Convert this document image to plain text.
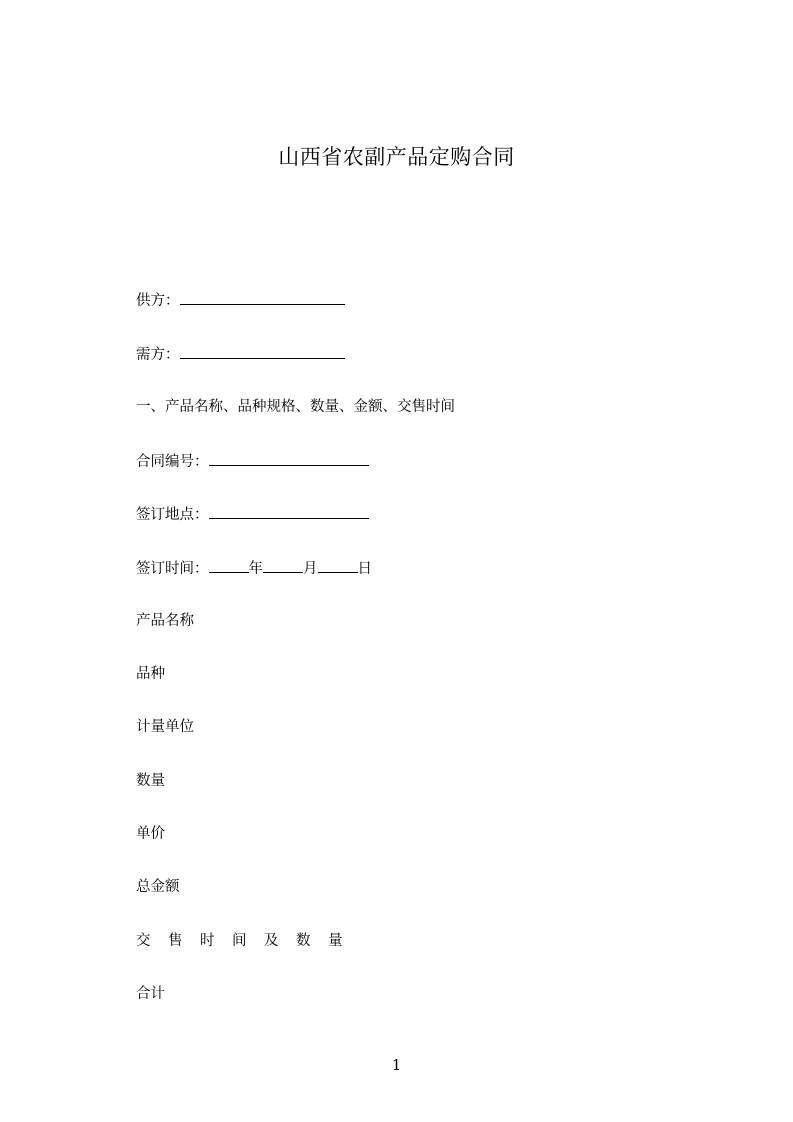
山西省农副产品定购合同
供方：
需方：
一、产品名称、品种规格、数量、金额、交售时间
合同编号：
签订地点：
签订时间：	年	月	日
产品名称
品种
计量单位
数量
单价
总金额
交 售 时 间 及 数 量
合计
1
